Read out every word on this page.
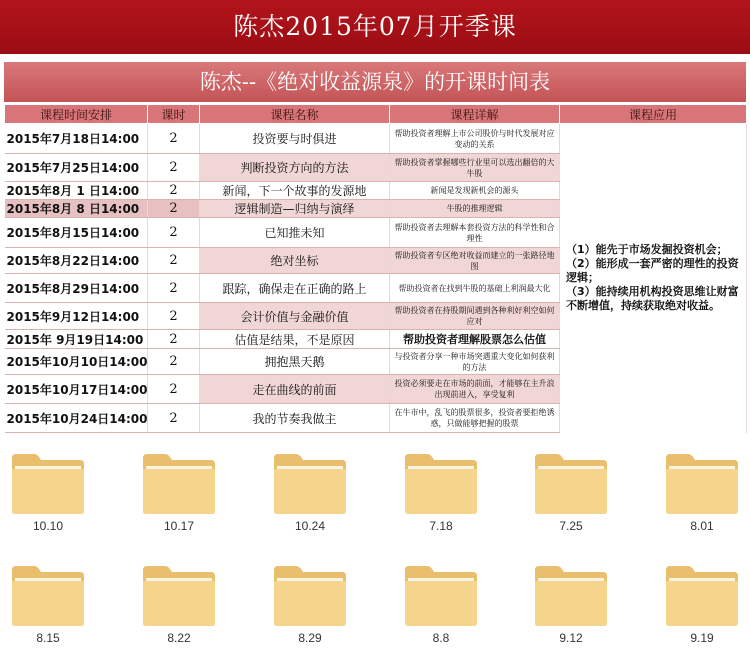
陈杰2015年07月开季课
陈杰--《绝对收益源泉》的开课时间表
课程时间安排	课时	课程名称	课程详解	课程应用
2015年7月18日14:00	2	投资要与时俱进	帮助投资者理解上市公司股价与时代发展对应变动的关系	（1）能先于市场发掘投资机会；
（2）能形成一套严密的理性的投资 逻辑；
（3）能持续用机构投资思维让财富不断增值，持续获取绝对收益。

2015年7月25日14:00	2	判断投资方向的方法	帮助投资者掌握哪些行业里可以选出翻倍的大牛股	
2015年8月 1 日14:00	2	新闻，下一个故事的发源地	新闻是发现新机会的源头	
2015年8月 8 日14:00	2	逻辑制造—归纳与演绎	牛股的推理逻辑	
2015年8月15日14:00	2	已知推未知	帮助投资者去理解本套投资方法的科学性和合理性	
2015年8月22日14:00	2	绝对坐标	帮助投资者专区绝对收益而建立的一张路径地图	
2015年8月29日14:00	2	跟踪，确保走在正确的路上	帮助投资者在找到牛股的基础上利润最大化	
2015年9月12日14:00	2	会计价值与金融价值	帮助投资者在持股期间遇到各种利好利空如何应对	
2015年 9月19日14:00	2	估值是结果，不是原因	帮助投资者理解股票怎么估值	
2015年10月10日14:00	2	拥抱黑天鹅	与投资者分享一种市场突遇重大变化如何获利的方法	
2015年10月17日14:00	2	走在曲线的前面	投资必须要走在市场的前面，才能够在主升浪出现前进入，享受复利	
2015年10月24日14:00	2	我的节奏我做主	在牛市中，乱飞的股票很多，投资者要拒绝诱惑，只做能够把握的股票	
10.10	10.17	10.24	7.18	7.25	8.01
8.15	8.22	8.29	8.8	9.12	9.19
